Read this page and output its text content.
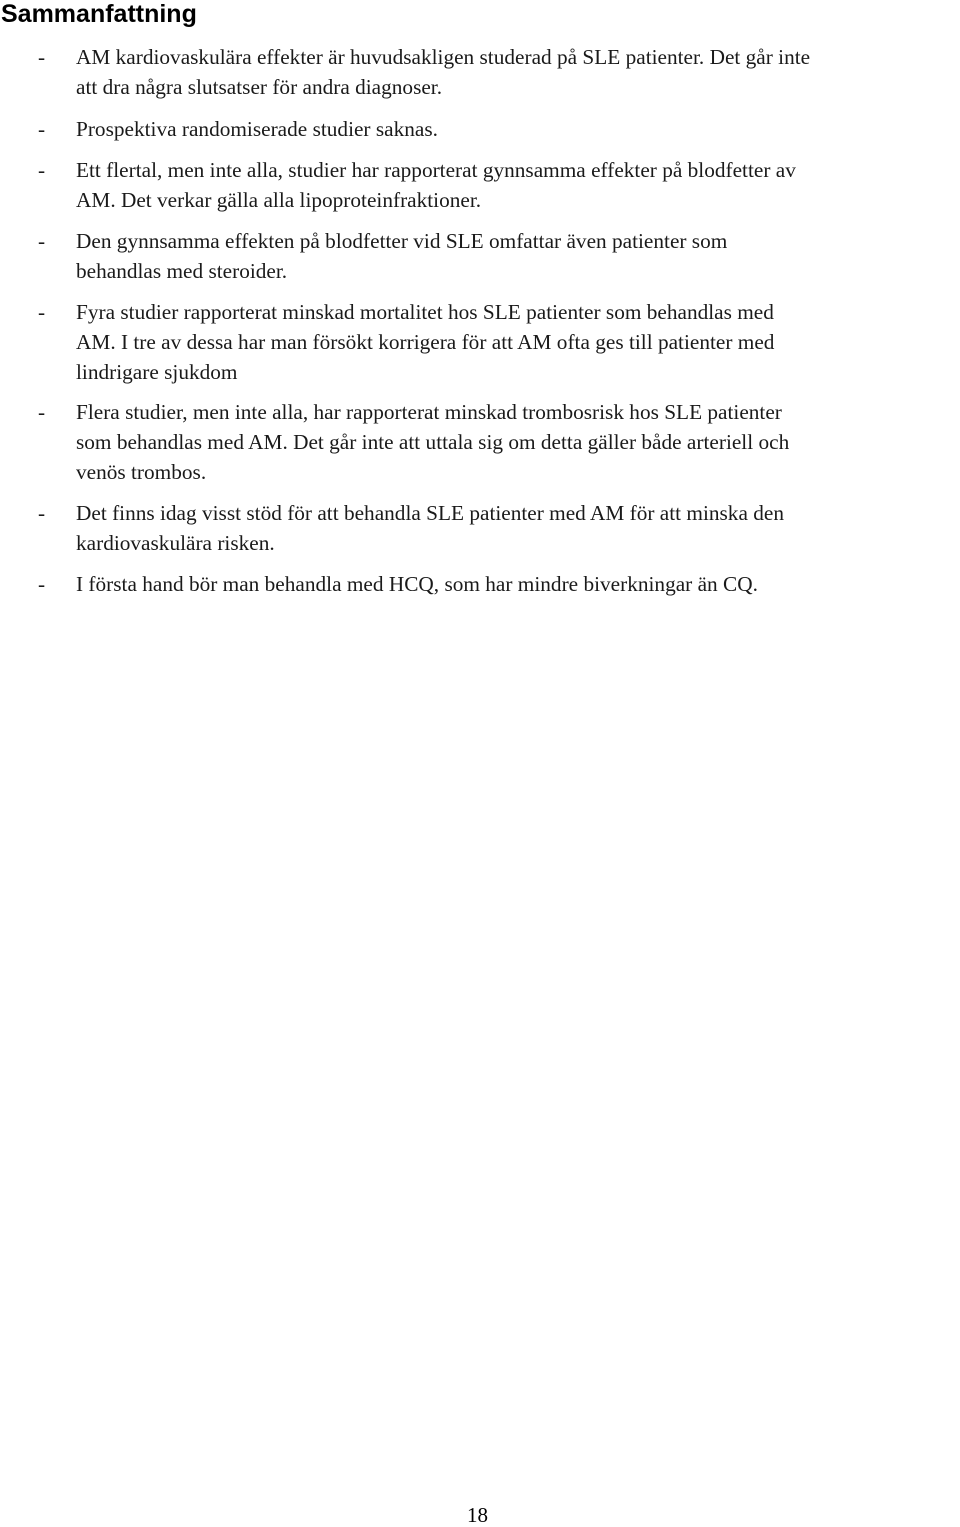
Sammanfattning
- AM kardiovaskulära effekter är huvudsakligen studerad på SLE patienter. Det går inte
att dra några slutsatser för andra diagnoser.
- Prospektiva randomiserade studier saknas.
- Ett flertal, men inte alla, studier har rapporterat gynnsamma effekter på blodfetter av
AM. Det verkar gälla alla lipoproteinfraktioner.
- Den gynnsamma effekten på blodfetter vid SLE omfattar även patienter som
behandlas med steroider.
- Fyra studier rapporterat minskad mortalitet hos SLE patienter som behandlas med
AM. I tre av dessa har man försökt korrigera för att AM ofta ges till patienter med
lindrigare sjukdom
- Flera studier, men inte alla, har rapporterat minskad trombosrisk hos SLE patienter
som behandlas med AM. Det går inte att uttala sig om detta gäller både arteriell och
venös trombos.
- Det finns idag visst stöd för att behandla SLE patienter med AM för att minska den
kardiovaskulära risken.
- I första hand bör man behandla med HCQ, som har mindre biverkningar än CQ.
18
